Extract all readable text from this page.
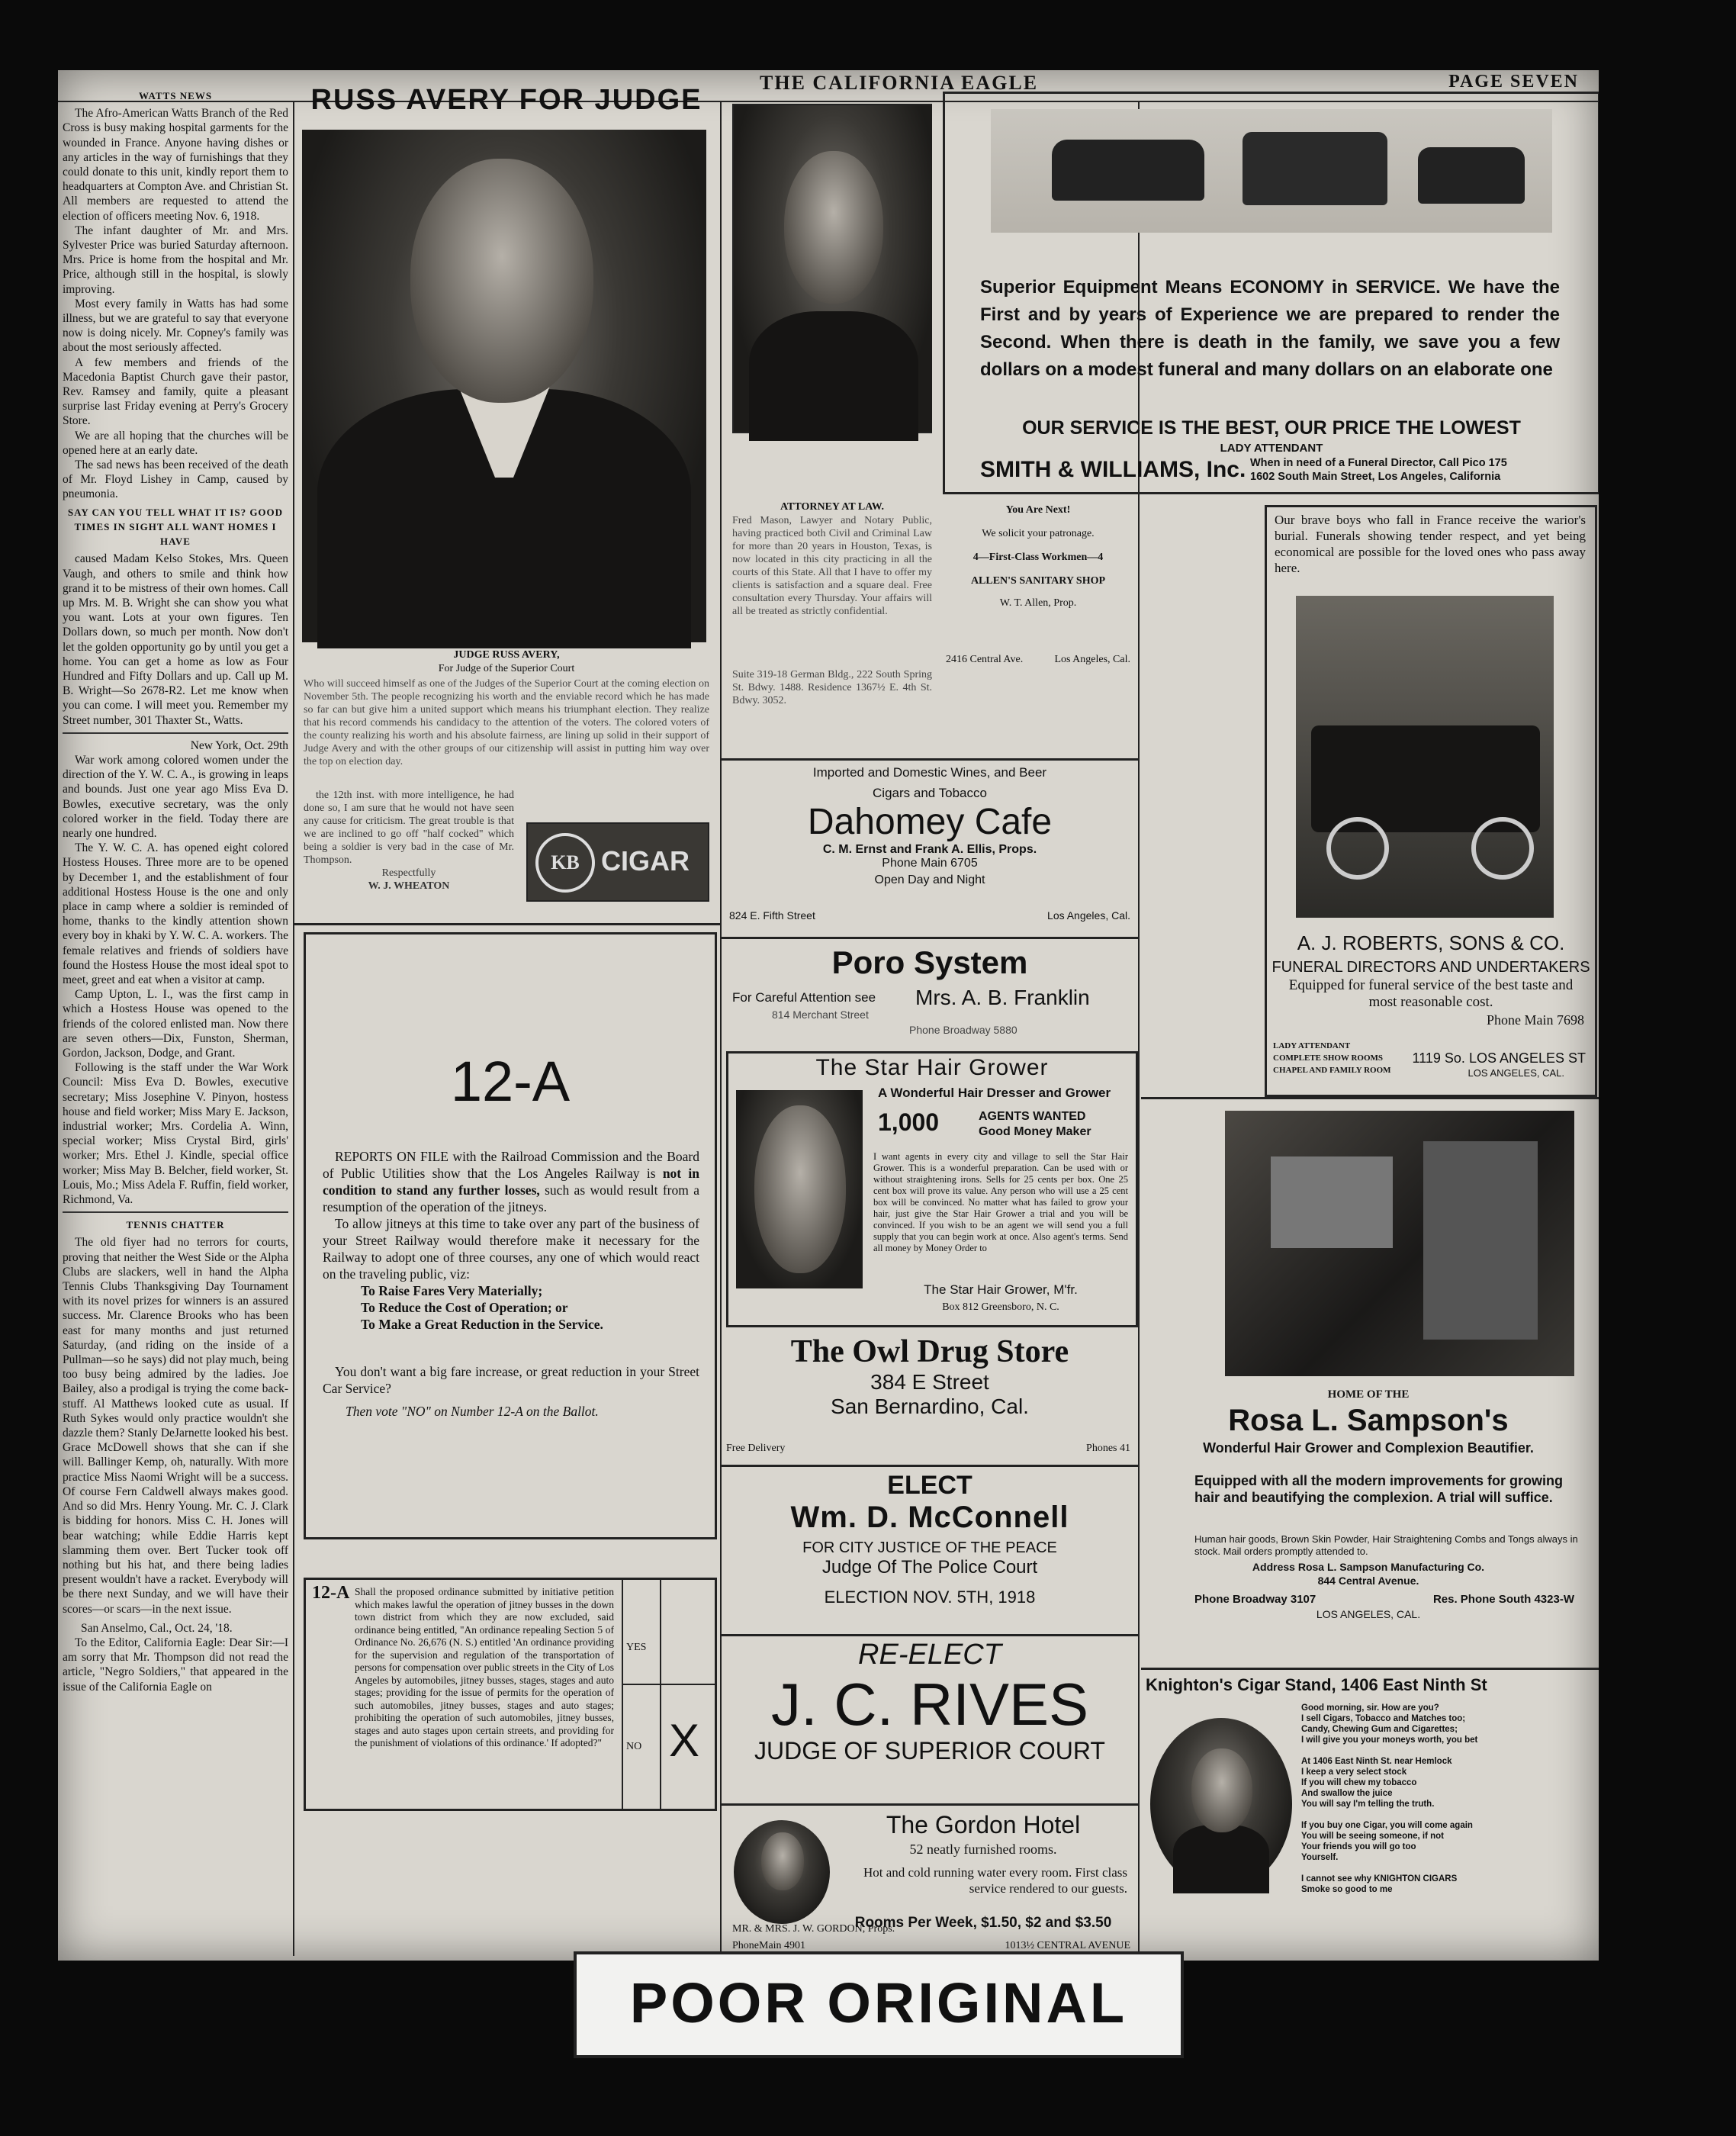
THE CALIFORNIA EAGLE	PAGE SEVEN
WATTS NEWS

The Afro-American Watts Branch of the Red Cross is busy making hospital garments for the wounded in France. Anyone having dishes or any articles in the way of furnishings that they could donate to this unit, kindly report them to headquarters at Compton Ave. and Christian St. All members are requested to attend the election of officers meeting Nov. 6, 1918.

The infant daughter of Mr. and Mrs. Sylvester Price was buried Saturday afternoon. Mrs. Price is home from the hospital and Mr. Price, although still in the hospital, is slowly improving.

Most every family in Watts has had some illness, but we are grateful to say that everyone now is doing nicely. Mr. Copney's family was about the most seriously affected.

A few members and friends of the Macedonia Baptist Church gave their pastor, Rev. Ramsey and family, quite a pleasant surprise last Friday evening at Perry's Grocery Store.

We are all hoping that the churches will be opened here at an early date.

The sad news has been received of the death of Mr. Floyd Lishey in Camp, caused by pneumonia.

SAY CAN YOU TELL WHAT IT IS? GOOD TIMES IN SIGHT ALL WANT HOMES I HAVE

caused Madam Kelso Stokes, Mrs. Queen Vaugh, and others to smile and think how grand it to be mistress of their own homes. Call up Mrs. M. B. Wright she can show you what you want. Lots at your own figures. Ten Dollars down, so much per month. Now don't let the golden opportunity go by until you get a home. You can get a home as low as Four Hundred and Fifty Dollars and up. Call up M. B. Wright—So 2678-R2. Let me know when you can come. I will meet you. Remember my Street number, 301 Thaxter St., Watts.

New York, Oct. 29th

War work among colored women under the direction of the Y. W. C. A., is growing in leaps and bounds. Just one year ago Miss Eva D. Bowles, executive secretary, was the only colored worker in the field. Today there are nearly one hundred.

The Y. W. C. A. has opened eight colored Hostess Houses. Three more are to be opened by December 1, and the establishment of four additional Hostess House is the one and only place in camp where a soldier is reminded of home, thanks to the kindly attention shown every boy in khaki by Y. W. C. A. workers. The female relatives and friends of soldiers have found the Hostess House the most ideal spot to meet, greet and eat when a visitor at camp.

Camp Upton, L. I., was the first camp in which a Hostess House was opened to the friends of the colored enlisted man. Now there are seven others—Dix, Funston, Sherman, Gordon, Jackson, Dodge, and Grant.

Following is the staff under the War Work Council: Miss Eva D. Bowles, executive secretary; Miss Josephine V. Pinyon, hostess house and field worker; Miss Mary E. Jackson, industrial worker; Mrs. Cordelia A. Winn, special worker; Miss Crystal Bird, girls' worker; Mrs. Ethel J. Kindle, special office worker; Miss May B. Belcher, field worker, St. Louis, Mo.; Miss Adela F. Ruffin, field worker, Richmond, Va.

TENNIS CHATTER

The old fiyer had no terrors for courts, proving that neither the West Side or the Alpha Clubs are slackers, well in hand the Alpha Tennis Clubs Thanksgiving Day Tournament with its novel prizes for winners is an assured success. Mr. Clarence Brooks who has been east for many months and just returned Saturday, (and riding on the inside of a Pullman—so he says) did not play much, being too busy being admired by the ladies. Joe Bailey, also a prodigal is trying the come back-stuff. Al Matthews looked cute as usual. If Ruth Sykes would only practice wouldn't she dazzle them? Stanly DeJarnette looked his best. Grace McDowell shows that she can if she will. Ballinger Kemp, oh, naturally. With more practice Miss Naomi Wright will be a success. Of course Fern Caldwell always makes good. And so did Mrs. Henry Young. Mr. C. J. Clark is bidding for honors. Miss C. H. Jones will bear watching; while Eddie Harris kept slamming them over. Bert Tucker took off nothing but his hat, and there being ladies present wouldn't have a racket. Everybody will be there next Sunday, and we will have their scores—or scars—in the next issue.

San Anselmo, Cal., Oct. 24, '18.

To the Editor, California Eagle: Dear Sir:—I am sorry that Mr. Thompson did not read the article, "Negro Soldiers," that appeared in the issue of the California Eagle on

RUSS AVERY FOR JUDGE
JUDGE RUSS AVERY,
For Judge of the Superior Court
Who will succeed himself as one of the Judges of the Superior Court at the coming election on November 5th. The people recognizing his worth and the enviable record which he has made so far can but give him a united support which means his triumphant election. They realize that his record commends his candidacy to the attention of the voters. The colored voters of the county realizing his worth and his absolute fairness, are lining up solid in their support of Judge Avery and with the other groups of our citizenship will assist in putting him way over the top on election day.

the 12th inst. with more intelligence, he had done so, I am sure that he would not have seen any cause for criticism. The great trouble is that we are inclined to go off "half cocked" which being a soldier is very bad in the case of Mr. Thompson.

Respectfully
W. J. WHEATON
KB CIGAR
12-A

REPORTS ON FILE with the Railroad Commission and the Board of Public Utilities show that the Los Angeles Railway is not in condition to stand any further losses, such as would result from a resumption of the operation of the jitneys.

To allow jitneys at this time to take over any part of the business of your Street Railway would therefore make it necessary for the Railway to adopt one of three courses, any one of which would react on the traveling public, viz:

To Raise Fares Very Materially;
To Reduce the Cost of Operation; or
To Make a Great Reduction in the Service.

You don't want a big fare increase, or great reduction in your Street Car Service?

Then vote "NO" on Number 12-A on the Ballot.

12-A Shall the proposed ordinance submitted by initiative petition which makes lawful the operation of jitney busses in the down town district from which they are now excluded, said ordinance being entitled, "An ordinance repealing Section 5 of Ordinance No. 26,676 (N. S.) entitled 'An ordinance providing for the supervision and regulation of the transportation of persons for compensation over public streets in the City of Los Angeles by automobiles, jitney busses, stages, stages and auto stages; providing for the issue of permits for the operation of such automobiles, jitney busses, stages and auto stages; prohibiting the operation of such automobiles, jitney busses, stages and auto stages upon certain streets, and providing for the punishment of violations of this ordinance.' If adopted?"
YES
NO X
ATTORNEY AT LAW.
Fred Mason, Lawyer and Notary Public, having practiced both Civil and Criminal Law for more than 20 years in Houston, Texas, is now located in this city practicing in all the courts of this State. All that I have to offer my clients is satisfaction and a square deal. Free consultation every Thursday. Your affairs will all be treated as strictly confidential.
Suite 319-18 German Bldg., 222 South Spring St. Bdwy. 1488. Residence 1367½ E. 4th St. Bdwy. 3052.
You Are Next!
We solicit your patronage.
4—First-Class Workmen—4
ALLEN'S SANITARY SHOP
W. T. Allen, Prop.
2416 Central Ave.	Los Angeles, Cal.
Superior Equipment Means ECONOMY in SERVICE. We have the First and by years of Experience we are prepared to render the Second. When there is death in the family, we save you a few dollars on a modest funeral and many dollars on an elaborate one
OUR SERVICE IS THE BEST, OUR PRICE THE LOWEST
LADY ATTENDANT
SMITH & WILLIAMS, Inc. When in need of a Funeral Director, Call Pico 175
1602 South Main Street, Los Angeles, California
Imported and Domestic Wines, and Beer
Cigars and Tobacco
Dahomey Cafe
C. M. Ernst and Frank A. Ellis, Props.
Phone Main 6705
Open Day and Night
824 E. Fifth Street	Los Angeles, Cal.
Poro System
For Careful Attention see Mrs. A. B. Franklin
814 Merchant Street
Phone Broadway 5880
The Star Hair Grower
A Wonderful Hair Dresser and Grower
1,000	AGENTS WANTED
Good Money Maker
I want agents in every city and village to sell the Star Hair Grower. This is a wonderful preparation. Can be used with or without straightening irons. Sells for 25 cents per box. One 25 cent box will prove its value. Any person who will use a 25 cent box will be convinced. No matter what has failed to grow your hair, just give the Star Hair Grower a trial and you will be convinced. If you wish to be an agent we will send you a full supply that you can begin work at once. Also agent's terms. Send all money by Money Order to
The Star Hair Grower, M'fr.
Box 812 Greensboro, N. C.
The Owl Drug Store
384 E Street
San Bernardino, Cal.
Free Delivery	Phones 41
ELECT
Wm. D. McConnell
FOR CITY JUSTICE OF THE PEACE
Judge Of The Police Court
ELECTION NOV. 5TH, 1918
RE-ELECT
J. C. RIVES
JUDGE OF SUPERIOR COURT
The Gordon Hotel
52 neatly furnished rooms.
Hot and cold running water every room. First class service rendered to our guests.
Rooms Per Week, $1.50, $2 and $3.50
MR. & MRS. J. W. GORDON, Props.
PhoneMain 4901	1013½ CENTRAL AVENUE
Our brave boys who fall in France receive the warior's burial. Funerals showing tender respect, and yet being economical are possible for the loved ones who pass away here.
A. J. ROBERTS, SONS & CO.
FUNERAL DIRECTORS AND UNDERTAKERS
Equipped for funeral service of the best taste and most reasonable cost.
Phone Main 7698
LADY ATTENDANT
COMPLETE SHOW ROOMS
CHAPEL AND FAMILY ROOM
1119 So. LOS ANGELES ST
LOS ANGELES, CAL.
HOME OF THE
Rosa L. Sampson's
Wonderful Hair Grower and Complexion Beautifier.
Equipped with all the modern improvements for growing hair and beautifying the complexion. A trial will suffice.
Human hair goods, Brown Skin Powder, Hair Straightening Combs and Tongs always in stock. Mail orders promptly attended to.
Address Rosa L. Sampson Manufacturing Co.
844 Central Avenue.
Phone Broadway 3107	Res. Phone South 4323-W
LOS ANGELES, CAL.
Knighton's Cigar Stand, 1406 East Ninth St
Good morning, sir. How are you?
I sell Cigars, Tobacco and Matches too;
Candy, Chewing Gum and Cigarettes;
I will give you your moneys worth, you bet

At 1406 East Ninth St. near Hemlock
I keep a very select stock
If you will chew my tobacco
And swallow the juice
You will say I'm telling the truth.

If you buy one Cigar, you will come again
You will be seeing someone, if not
Your friends you will go too
Yourself.

I cannot see why KNIGHTON CIGARS
Smoke so good to me
POOR ORIGINAL
